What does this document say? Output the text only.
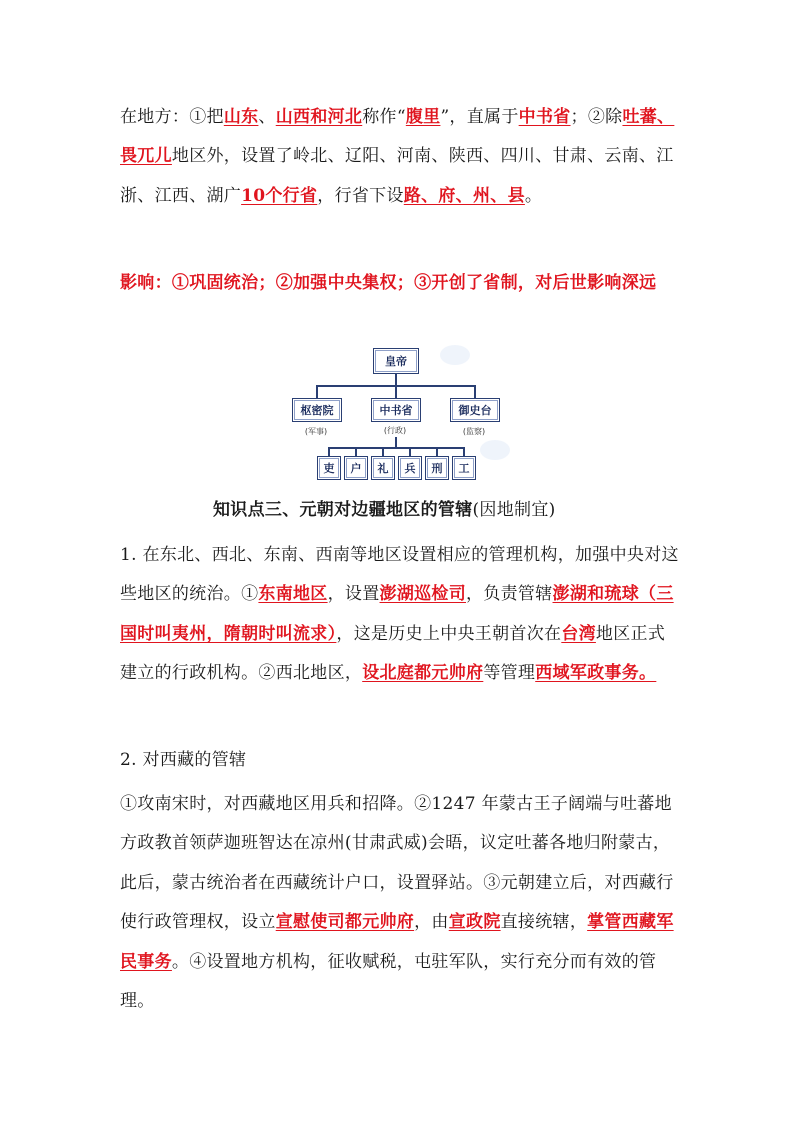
在地方：①把山东、山西和河北称作“腹里”，直属于中书省；②除吐蕃、畏兀儿地区外，设置了岭北、辽阳、河南、陕西、四川、甘肃、云南、江浙、江西、湖广10个行省，行省下设路、府、州、县。

影响：①巩固统治；②加强中央集权；③开创了省制，对后世影响深远

皇帝
枢密院	中书省	御史台
(军事)	(行政)	(监察)
吏	户	礼	兵	刑	工

知识点三、元朝对边疆地区的管辖(因地制宜)

1. 在东北、西北、东南、西南等地区设置相应的管理机构，加强中央对这些地区的统治。①东南地区，设置澎湖巡检司，负责管辖澎湖和琉球（三国时叫夷州，隋朝时叫流求），这是历史上中央王朝首次在台湾地区正式建立的行政机构。②西北地区，设北庭都元帅府等管理西域军政事务。

2. 对西藏的管辖

①攻南宋时，对西藏地区用兵和招降。②1247 年蒙古王子阔端与吐蕃地方政教首领萨迦班智达在凉州(甘肃武威)会晤，议定吐蕃各地归附蒙古，此后，蒙古统治者在西藏统计户口，设置驿站。③元朝建立后，对西藏行使行政管理权，设立宣慰使司都元帅府，由宣政院直接统辖，掌管西藏军民事务。④设置地方机构，征收赋税，屯驻军队，实行充分而有效的管理。
